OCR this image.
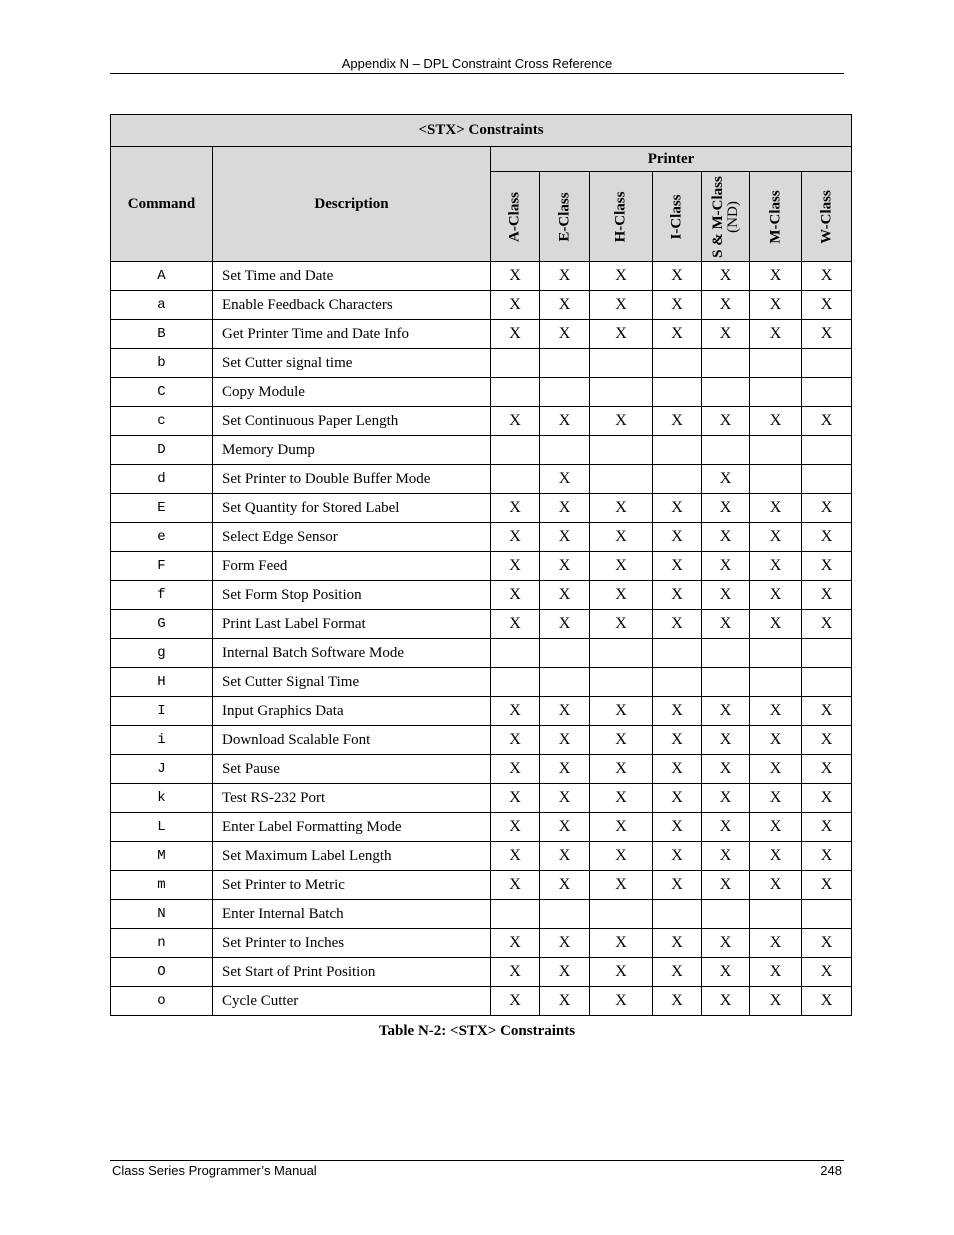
Appendix N – DPL Constraint Cross Reference
<STX> Constraints								
Command	Description	Printer						

		A-Class	E-Class	H-Class	I-Class	S & M-Class (ND)	M-Class	W-Class

A	Set Time and Date	X	X	X	X	X	X	X
a	Enable Feedback Characters	X	X	X	X	X	X	X
B	Get Printer Time and Date Info	X	X	X	X	X	X	X
b	Set Cutter signal time							
C	Copy Module							
c	Set Continuous Paper Length	X	X	X	X	X	X	X
D	Memory Dump							
d	Set Printer to Double Buffer Mode		X			X		
E	Set Quantity for Stored Label	X	X	X	X	X	X	X
e	Select Edge Sensor	X	X	X	X	X	X	X
F	Form Feed	X	X	X	X	X	X	X
f	Set Form Stop Position	X	X	X	X	X	X	X
G	Print Last Label Format	X	X	X	X	X	X	X
g	Internal Batch Software Mode							
H	Set Cutter Signal Time							
I	Input Graphics Data	X	X	X	X	X	X	X
i	Download Scalable Font	X	X	X	X	X	X	X
J	Set Pause	X	X	X	X	X	X	X
k	Test RS-232 Port	X	X	X	X	X	X	X
L	Enter Label Formatting Mode	X	X	X	X	X	X	X
M	Set Maximum Label Length	X	X	X	X	X	X	X
m	Set Printer to Metric	X	X	X	X	X	X	X
N	Enter Internal Batch							
n	Set Printer to Inches	X	X	X	X	X	X	X
O	Set Start of Print Position	X	X	X	X	X	X	X
o	Cycle Cutter	X	X	X	X	X	X	X
Table N-2: <STX> Constraints
Class Series Programmer’s Manual	248
